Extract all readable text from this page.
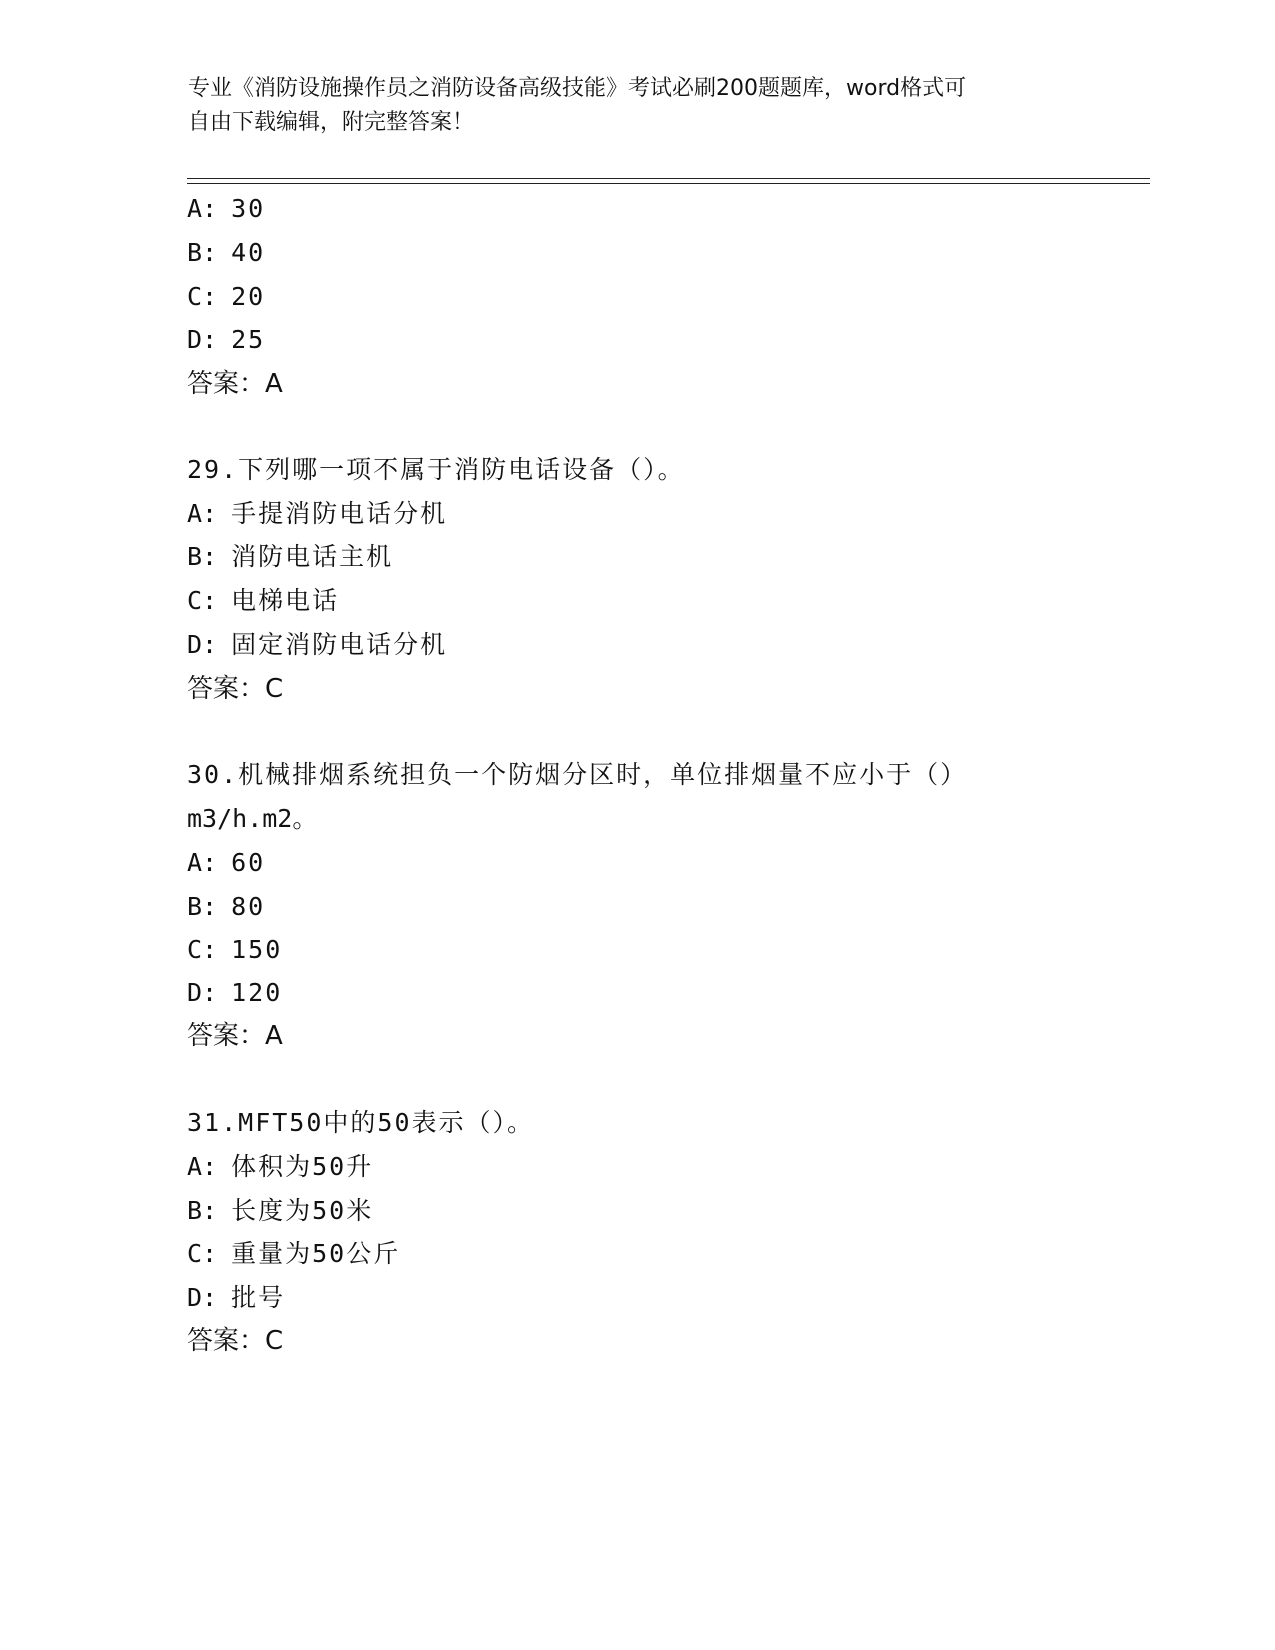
专业《消防设施操作员之消防设备高级技能》考试必刷200题题库，word格式可
自由下载编辑，附完整答案！
A: 30
B: 40
C: 20
D: 25
答案：A
29.下列哪一项不属于消防电话设备（）。
A: 手提消防电话分机
B: 消防电话主机
C: 电梯电话
D: 固定消防电话分机
答案：C
30.机械排烟系统担负一个防烟分区时，单位排烟量不应小于（）
m3/h.m2。
A: 60
B: 80
C: 150
D: 120
答案：A
31.MFT50中的50表示（）。
A: 体积为50升
B: 长度为50米
C: 重量为50公斤
D: 批号
答案：C
